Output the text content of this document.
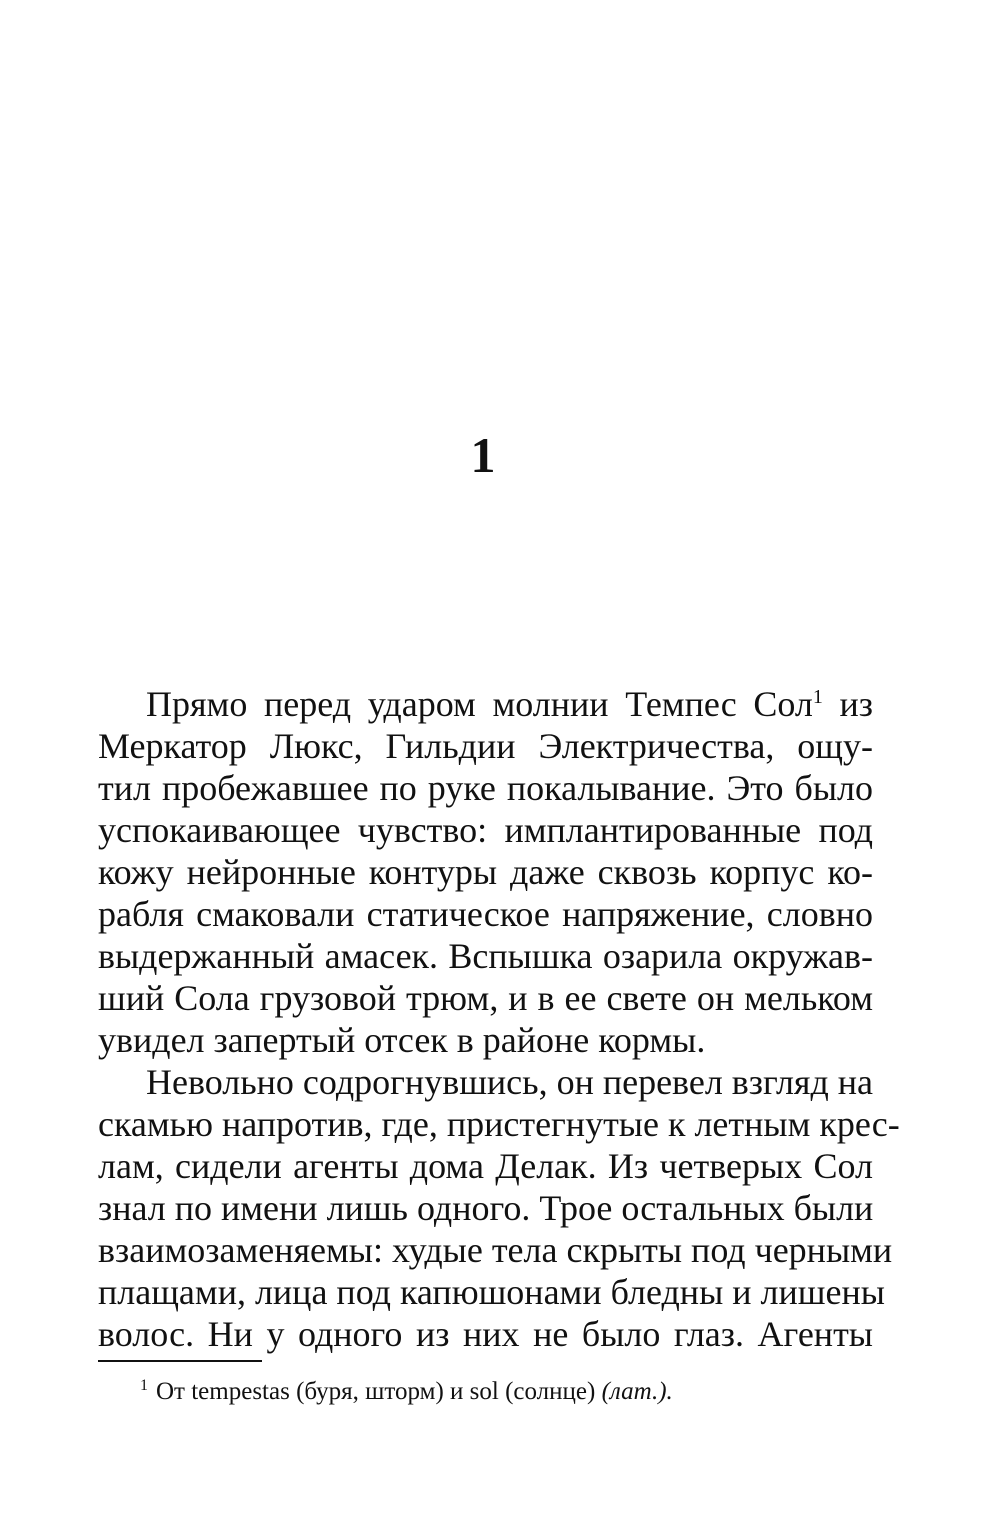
1
Прямо перед ударом молнии Темпес Сол$^1$ из
Меркатор Люкс, Гильдии Электричества, ощу-
тил пробежавшее по руке покалывание. Это было
успокаивающее чувство: имплантированные под
кожу нейронные контуры даже сквозь корпус ко-
рабля смаковали статическое напряжение, словно
выдержанный амасек. Вспышка озарила окружав-
ший Сола грузовой трюм, и в ее свете он мельком
увидел запертый отсек в районе кормы.
Невольно содрогнувшись, он перевел взгляд на
скамью напротив, где, пристегнутые к летным крес-
лам, сидели агенты дома Делак. Из четверых Сол
знал по имени лишь одного. Трое остальных были
взаимозаменяемы: худые тела скрыты под черными
плащами, лица под капюшонами бледны и лишены
волос. Ни у одного из них не было глаз. Агенты
$^1$ От tempestas (буря, шторм) и sol (солнце) (лат.).
